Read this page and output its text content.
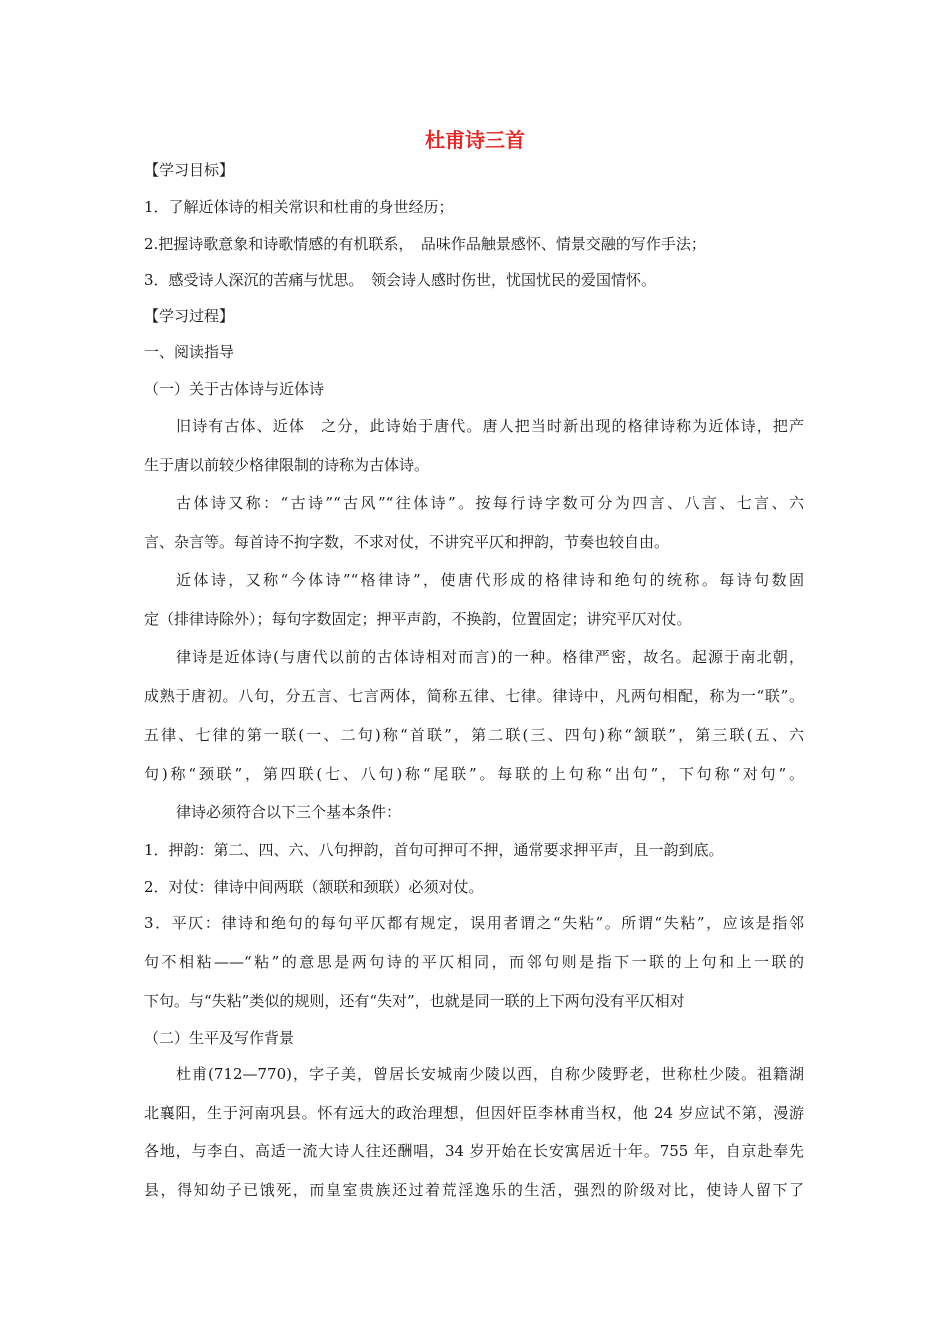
杜甫诗三首
【学习目标】
1．了解近体诗的相关常识和杜甫的身世经历；
2.把握诗歌意象和诗歌情感的有机联系，　品味作品触景感怀、情景交融的写作手法；
3．感受诗人深沉的苦痛与忧思。　领会诗人感时伤世，忧国忧民的爱国情怀。
【学习过程】
一、阅读指导
（一）关于古体诗与近体诗
旧诗有古体、近体　之分，此诗始于唐代。唐人把当时新出现的格律诗称为近体诗，把产
生于唐以前较少格律限制的诗称为古体诗。
古体诗又称：“古诗”“古风”“往体诗”。按每行诗字数可分为四言、八言、七言、六
言、杂言等。每首诗不拘字数，不求对仗，不讲究平仄和押韵，节奏也较自由。
近体诗，又称“今体诗”“格律诗”，使唐代形成的格律诗和绝句的统称。每诗句数固
定（排律诗除外）；每句字数固定；押平声韵，不换韵，位置固定；讲究平仄对仗。
律诗是近体诗(与唐代以前的古体诗相对而言)的一种。格律严密，故名。起源于南北朝，
成熟于唐初。八句，分五言、七言两体，简称五律、七律。律诗中，凡两句相配，称为一“联”。
五律、七律的第一联(一、二句)称“首联”，第二联(三、四句)称“颔联”，第三联(五、六
句)称“颈联”，第四联(七、八句)称“尾联”。每联的上句称“出句”，下句称“对句”。
律诗必须符合以下三个基本条件：
1．押韵：第二、四、六、八句押韵，首句可押可不押，通常要求押平声，且一韵到底。
2．对仗：律诗中间两联（颔联和颈联）必须对仗。
3．平仄：律诗和绝句的每句平仄都有规定，误用者谓之“失粘”。所谓“失粘”，应该是指邻
句不相粘——“粘”的意思是两句诗的平仄相同，而邻句则是指下一联的上句和上一联的
下句。与“失粘”类似的规则，还有“失对”，也就是同一联的上下两句没有平仄相对
（二）生平及写作背景
杜甫(712—770)，字子美，曾居长安城南少陵以西，自称少陵野老，世称杜少陵。祖籍湖
北襄阳，生于河南巩县。怀有远大的政治理想，但因奸臣李林甫当权，他 24 岁应试不第，漫游
各地，与李白、高适一流大诗人往还酬唱，34 岁开始在长安寓居近十年。755 年，自京赴奉先
县，得知幼子已饿死，而皇室贵族还过着荒淫逸乐的生活，强烈的阶级对比，使诗人留下了
